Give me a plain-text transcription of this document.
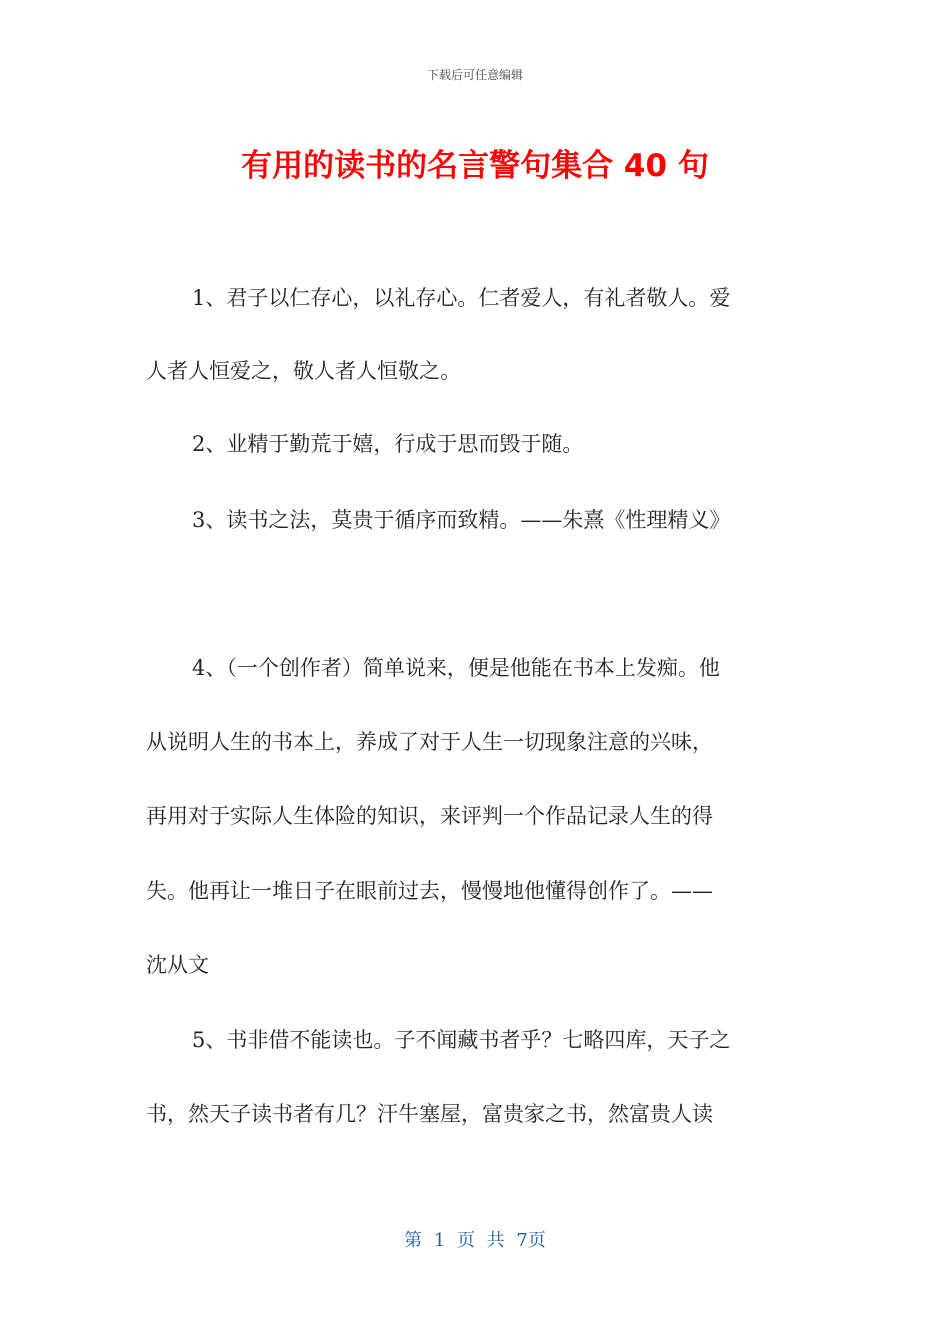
下载后可任意编辑
有用的读书的名言警句集合 40 句
1、君子以仁存心，以礼存心。仁者爱人，有礼者敬人。爱
人者人恒爱之，敬人者人恒敬之。
2、业精于勤荒于嬉，行成于思而毁于随。
3、读书之法，莫贵于循序而致精。——朱熹《性理精义》
4、（一个创作者）简单说来，便是他能在书本上发痴。他
从说明人生的书本上，养成了对于人生一切现象注意的兴味，
再用对于实际人生体险的知识，来评判一个作品记录人生的得
失。他再让一堆日子在眼前过去，慢慢地他懂得创作了。——
沈从文
5、书非借不能读也。子不闻藏书者乎？七略四库，天子之
书，然天子读书者有几？汗牛塞屋，富贵家之书，然富贵人读
第 1 页 共 7页
